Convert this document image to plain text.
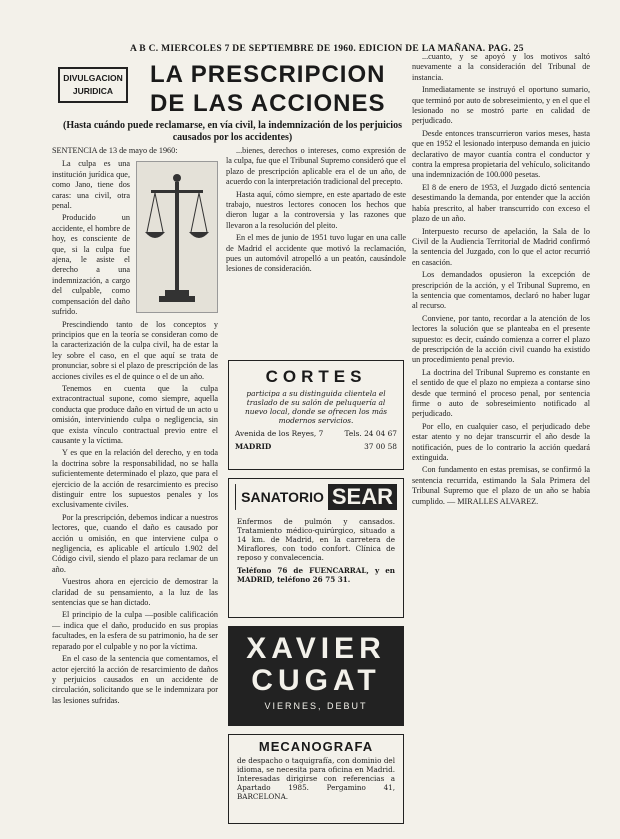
A B C. MIERCOLES 7 DE SEPTIEMBRE DE 1960. EDICION DE LA MAÑANA. PAG. 25
DIVULGACION
JURIDICA
LA PRESCRIPCION
DE LAS ACCIONES
(Hasta cuándo puede reclamarse, en vía civil, la indemnización de los perjuicios causados por los accidentes)
SENTENCIA de 13 de mayo de 1960:

La culpa es una institución jurídica que, como Jano, tiene dos caras: una civil, otra penal.

Producido un accidente, el hombre de hoy, es consciente de que, si la culpa fue ajena, le asiste el derecho a una indemnización, a cargo del culpable, como compensación del daño sufrido.

Prescindiendo tanto de los conceptos y principios que en la teoría se consideran como de la caracterización de la culpa civil, ha de estar la ley sobre el caso, en el que aquí se trata de pronunciar, sobre si el plazo de prescripción de las acciones civiles es el de quince o el de un año.

Tenemos en cuenta que la culpa extracontractual supone, como siempre, aquella conducta que produce daño en virtud de un acto u omisión, interviniendo culpa o negligencia, sin que exista vínculo contractual previo entre el causante y la víctima.

Y es que en la relación del derecho, y en toda la doctrina sobre la responsabilidad, no se halla suficientemente determinado el plazo, que para el ejercicio de la acción de resarcimiento es preciso distinguir entre los supuestos penales y los exclusivamente civiles.

Por la prescripción, debemos indicar a nuestros lectores, que, cuando el daño es causado por acción u omisión, en que interviene culpa o negligencia, es aplicable el artículo 1.902 del Código civil, siendo el plazo para reclamar de un año.

Vuestros ahora en ejercicio de demostrar la claridad de su pensamiento, a la luz de las sentencias que se han dictado.

El principio de la culpa —posible calificación— indica que el daño, producido en sus propias facultades, en la esfera de su patrimonio, ha de ser reparado por el culpable y no por la víctima.

En el caso de la sentencia que comentamos, el actor ejercitó la acción de resarcimiento de daños y perjuicios causados en un accidente de circulación, solicitando que se le indemnizara por las lesiones sufridas.

...bienes, derechos o intereses, como expresión de la culpa, fue que el Tribunal Supremo consideró que el plazo de prescripción aplicable era el de un año, de acuerdo con la interpretación tradicional del precepto.

Hasta aquí, cómo siempre, en este apartado de este trabajo, nuestros lectores conocen los hechos que dieron lugar a la controversia y las razones que llevaron a la resolución del pleito.

En el mes de junio de 1951 tuvo lugar en una calle de Madrid el accidente que motivó la reclamación, pues un automóvil atropelló a un peatón, causándole lesiones de consideración.

CORTES
participa a su distinguida clientela el traslado de su salón de peluquería al nuevo local, donde se ofrecen los más modernos servicios.
Avenida de los Reyes, 7	Tels. 24 04 67
MADRID	37 00 58
SANATORIO SEAR
Enfermos de pulmón y cansados. Tratamiento médico-quirúrgico, situado a 14 km. de Madrid, en la carretera de Miraflores, con todo confort. Clínica de reposo y convalecencia.
Teléfono 76 de FUENCARRAL, y en MADRID, teléfono 26 75 31.
XAVIER
CUGAT
VIERNES, DEBUT
MECANOGRAFA
de despacho o taquigrafía, con dominio del idioma, se necesita para oficina en Madrid. Interesadas dirigirse con referencias a Apartado 1985. Pergamino 41, BARCELONA.

...cuanto, y se apoyó y los motivos saltó nuevamente a la consideración del Tribunal de instancia.

Inmediatamente se instruyó el oportuno sumario, que terminó por auto de sobreseimiento, y en el que el lesionado no se mostró parte en calidad de perjudicado.

Desde entonces transcurrieron varios meses, hasta que en 1952 el lesionado interpuso demanda en juicio declarativo de mayor cuantía contra el conductor y contra la empresa propietaria del vehículo, solicitando una indemnización de 100.000 pesetas.

El 8 de enero de 1953, el Juzgado dictó sentencia desestimando la demanda, por entender que la acción había prescrito, al haber transcurrido con exceso el plazo de un año.

Interpuesto recurso de apelación, la Sala de lo Civil de la Audiencia Territorial de Madrid confirmó la sentencia del Juzgado, con lo que el actor recurrió en casación.

Los demandados opusieron la excepción de prescripción de la acción, y el Tribunal Supremo, en la sentencia que comentamos, declaró no haber lugar al recurso.

Conviene, por tanto, recordar a la atención de los lectores la solución que se planteaba en el presente supuesto: es decir, cuándo comienza a correr el plazo de prescripción de la acción civil cuando ha existido un procedimiento penal previo.

La doctrina del Tribunal Supremo es constante en el sentido de que el plazo no empieza a contarse sino desde que terminó el proceso penal, por sentencia firme o auto de sobreseimiento notificado al perjudicado.

Por ello, en cualquier caso, el perjudicado debe estar atento y no dejar transcurrir el año desde la notificación, pues de lo contrario la acción quedará extinguida.

Con fundamento en estas premisas, se confirmó la sentencia recurrida, estimando la Sala Primera del Tribunal Supremo que el plazo de un año se había cumplido. — MIRALLES ALVAREZ.
